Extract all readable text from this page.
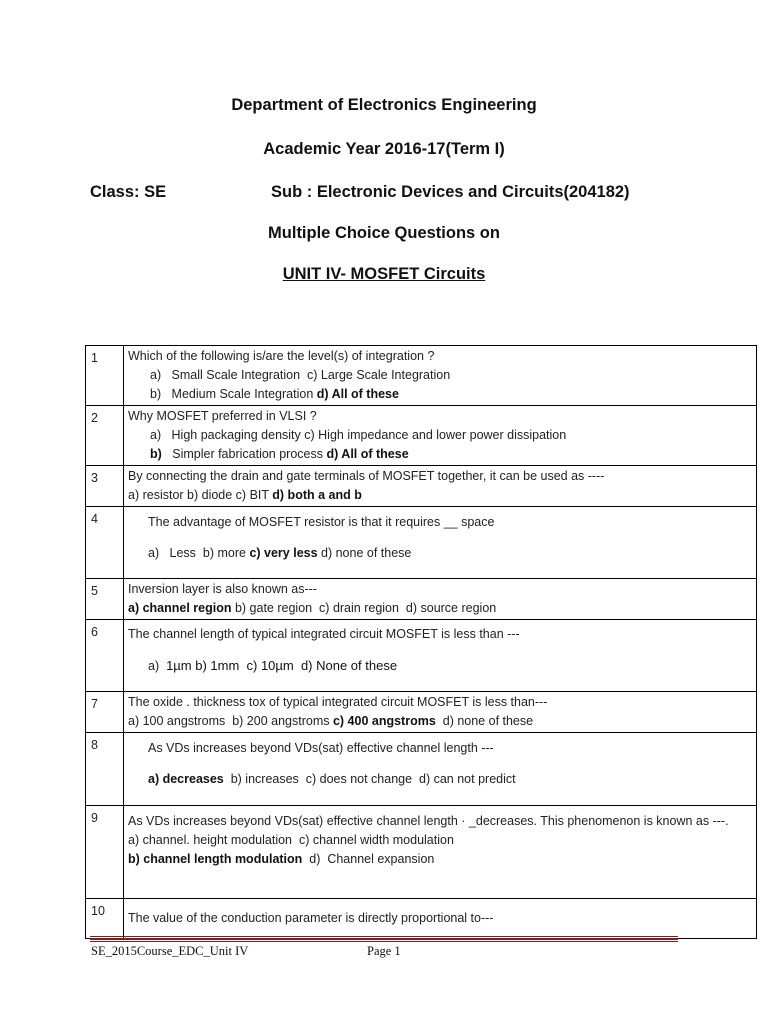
Department of Electronics Engineering
Academic Year 2016-17(Term I)
Class: SE	Sub : Electronic Devices and Circuits(204182)
Multiple Choice Questions on
UNIT IV- MOSFET Circuits
1	Which of the following is/are the level(s) of integration ?
a)   Small Scale Integration  c) Large Scale Integration
b)   Medium Scale Integration d) All of these

2	Why MOSFET preferred in VLSI ?
a)   High packaging density c) High impedance and lower power dissipation
b)   Simpler fabrication process d) All of these

3	By connecting the drain and gate terminals of MOSFET together, it can be used as ----
a) resistor b) diode c) BIT d) both a and b

4	The advantage of MOSFET resistor is that it requires __ space
a)   Less  b) more c) very less d) none of these

5	Inversion layer is also known as---
a) channel region b) gate region  c) drain region  d) source region

6	The channel length of typical integrated circuit MOSFET is less than ---
a)  1µm b) 1mm  c) 10µm  d) None of these

7	The oxide . thickness tox of typical integrated circuit MOSFET is less than---
a) 100 angstroms  b) 200 angstroms c) 400 angstroms  d) none of these

8	As VDs increases beyond VDs(sat) effective channel length ---
a) decreases  b) increases  c) does not change  d) can not predict

9	As VDs increases beyond VDs(sat) effective channel length · _decreases. This phenomenon is known as ---.
a) channel. height modulation  c) channel width modulation
b) channel length modulation  d)  Channel expansion

10	The value of the conduction parameter is directly proportional to---
SE_2015Course_EDC_Unit IV	Page 1
